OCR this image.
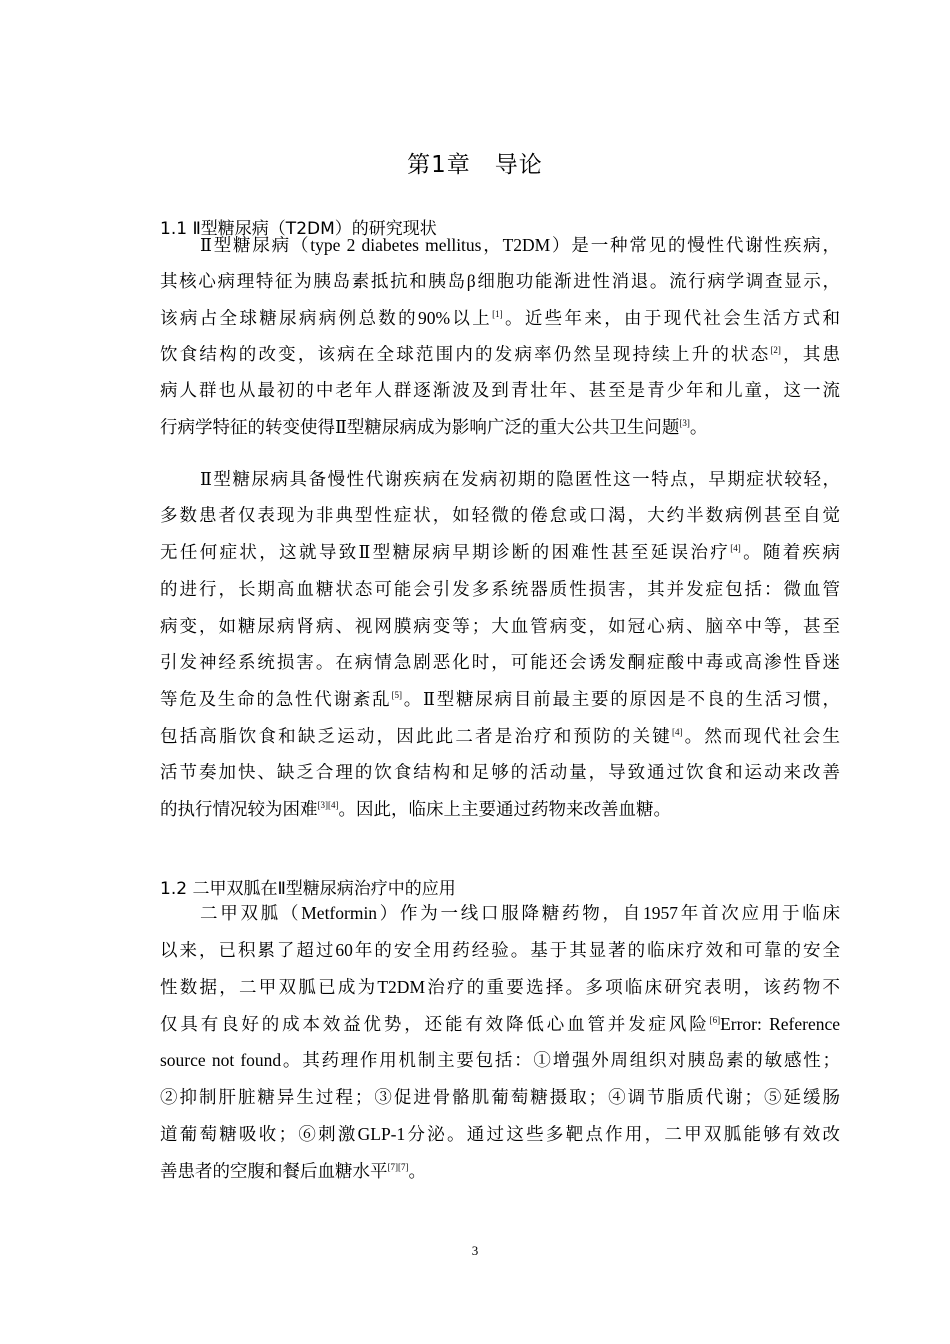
第1章　导论
1.1 Ⅱ型糖尿病（T2DM）的研究现状
1.2 二甲双胍在Ⅱ型糖尿病治疗中的应用
Ⅱ型糖尿病（type 2 diabetes mellitus，T2DM）是一种常见的慢性代谢性疾病，
其核心病理特征为胰岛素抵抗和胰岛β细胞功能渐进性消退。流行病学调查显示，
该病占全球糖尿病病例总数的90%以上[1]。近些年来，由于现代社会生活方式和
饮食结构的改变，该病在全球范围内的发病率仍然呈现持续上升的状态[2]，其患
病人群也从最初的中老年人群逐渐波及到青壮年、甚至是青少年和儿童，这一流
行病学特征的转变使得Ⅱ型糖尿病成为影响广泛的重大公共卫生问题[3]。
Ⅱ型糖尿病具备慢性代谢疾病在发病初期的隐匿性这一特点，早期症状较轻，
多数患者仅表现为非典型性症状，如轻微的倦怠或口渴，大约半数病例甚至自觉
无任何症状，这就导致Ⅱ型糖尿病早期诊断的困难性甚至延误治疗[4]。随着疾病
的进行，长期高血糖状态可能会引发多系统器质性损害，其并发症包括：微血管
病变，如糖尿病肾病、视网膜病变等；大血管病变，如冠心病、脑卒中等，甚至
引发神经系统损害。在病情急剧恶化时，可能还会诱发酮症酸中毒或高渗性昏迷
等危及生命的急性代谢紊乱[5]。Ⅱ型糖尿病目前最主要的原因是不良的生活习惯，
包括高脂饮食和缺乏运动，因此此二者是治疗和预防的关键[4]。然而现代社会生
活节奏加快、缺乏合理的饮食结构和足够的活动量，导致通过饮食和运动来改善
的执行情况较为困难[3][4]。因此，临床上主要通过药物来改善血糖。
二甲双胍（Metformin）作为一线口服降糖药物，自1957年首次应用于临床
以来，已积累了超过60年的安全用药经验。基于其显著的临床疗效和可靠的安全
性数据，二甲双胍已成为T2DM治疗的重要选择。多项临床研究表明，该药物不
仅具有良好的成本效益优势，还能有效降低心血管并发症风险[6]Error: Reference
source not found。其药理作用机制主要包括：①增强外周组织对胰岛素的敏感性；
②抑制肝脏糖异生过程；③促进骨骼肌葡萄糖摄取；④调节脂质代谢；⑤延缓肠
道葡萄糖吸收；⑥刺激GLP-1分泌。通过这些多靶点作用，二甲双胍能够有效改
善患者的空腹和餐后血糖水平[7][7]。
3
